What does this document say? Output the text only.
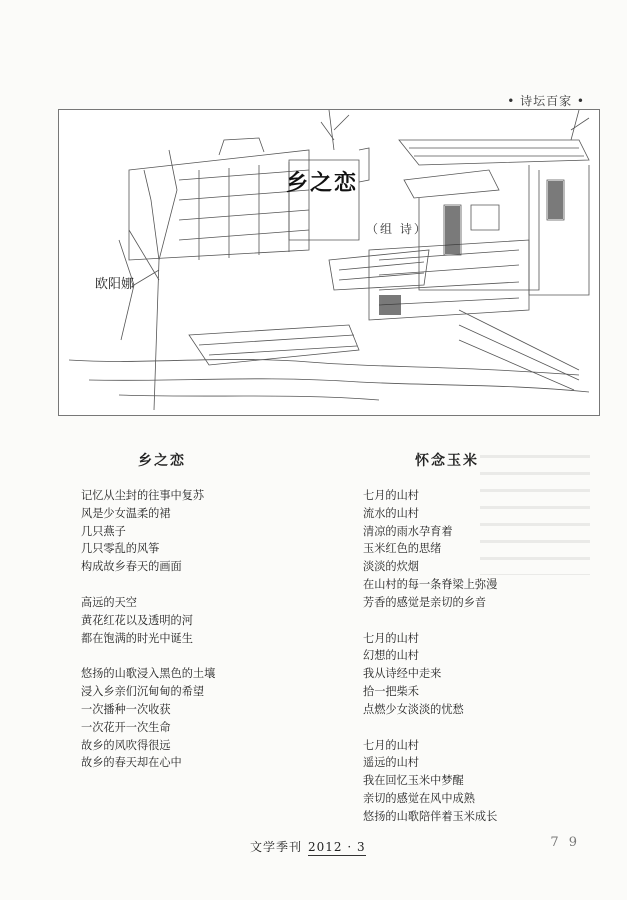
• 诗坛百家 •
乡之恋
（组 诗）
欧阳娜
乡之恋	怀念玉米
记忆从尘封的往事中复苏
风是少女温柔的裙
几只燕子
几只零乱的风筝
构成故乡春天的画面
高远的天空
黄花红花以及透明的河
都在饱满的时光中诞生
悠扬的山歌浸入黑色的土壤
浸入乡亲们沉甸甸的希望
一次播种一次收获
一次花开一次生命
故乡的风吹得很远
故乡的春天却在心中
七月的山村
流水的山村
清凉的雨水孕育着
玉米红色的思绪
淡淡的炊烟
在山村的每一条脊梁上弥漫
芳香的感觉是亲切的乡音
七月的山村
幻想的山村
我从诗经中走来
拾一把柴禾
点燃少女淡淡的忧愁
七月的山村
遥远的山村
我在回忆玉米中梦醒
亲切的感觉在风中成熟
悠扬的山歌陪伴着玉米成长
文学季刊 2012 · 3	7 9
